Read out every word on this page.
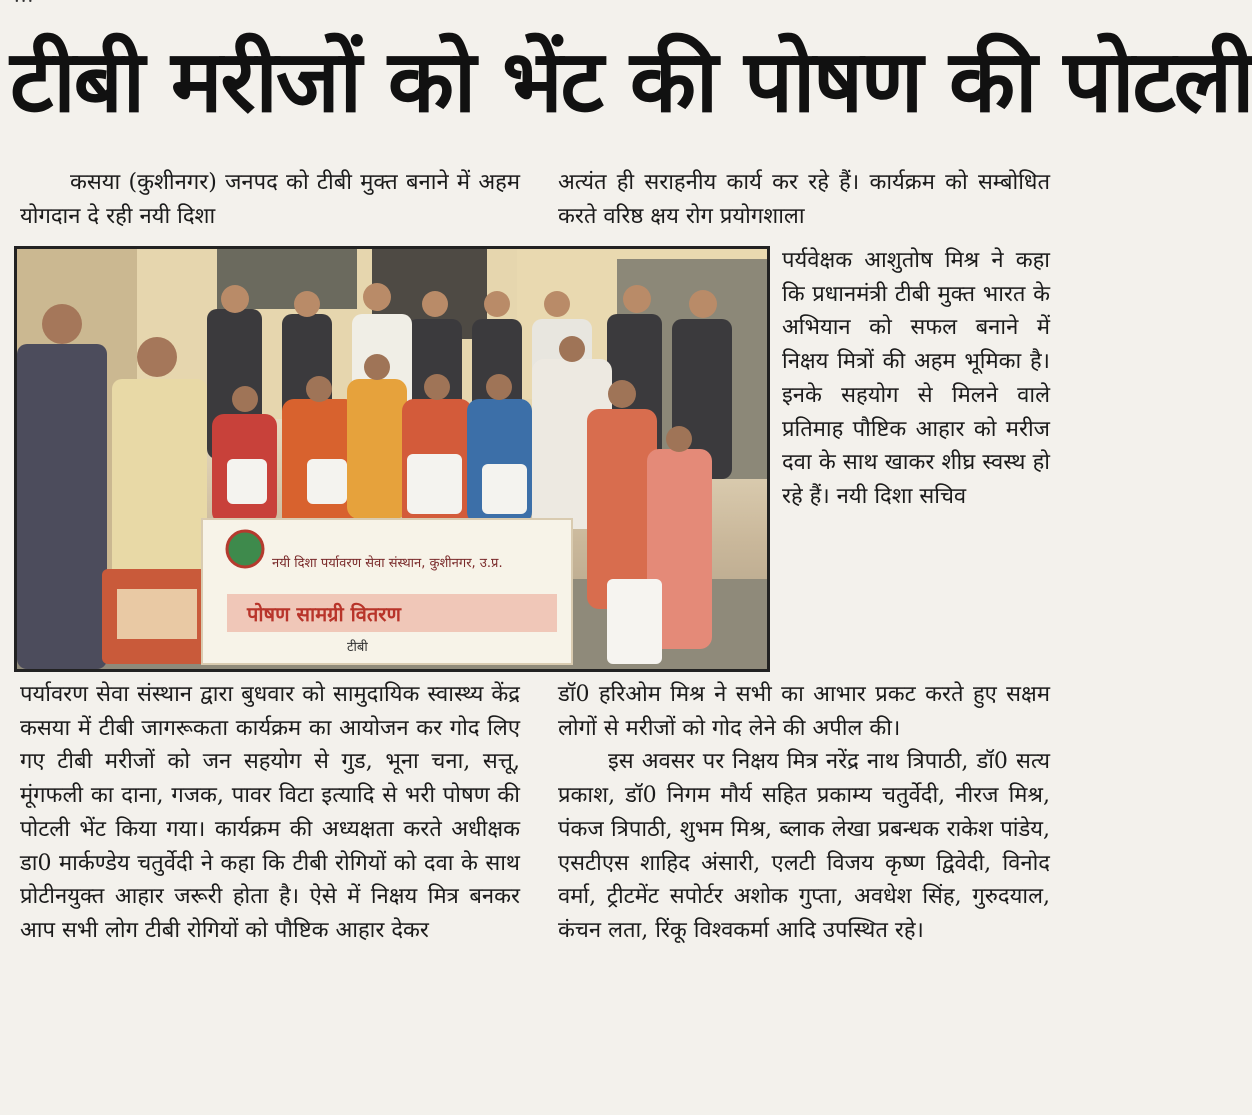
···
टीबी मरीजों को भेंट की पोषण की पोटली

कसया (कुशीनगर) जनपद को टीबी मुक्त बनाने में अहम योगदान दे रही नयी दिशा

अत्यंत ही सराहनीय कार्य कर रहे हैं। कार्यक्रम को सम्बोधित करते वरिष्ठ क्षय रोग प्रयोगशाला

नयी दिशा पर्यावरण सेवा संस्थान, कुशीनगर, उ.प्र.
पोषण सामग्री वितरण
टीबी

पर्यवेक्षक आशुतोष मिश्र ने कहा कि प्रधानमंत्री टीबी मुक्त भारत के अभियान को सफल बनाने में निक्षय मित्रों की अहम भूमिका है। इनके सहयोग से मिलने वाले प्रतिमाह पौष्टिक आहार को मरीज दवा के साथ खाकर शीघ्र स्वस्थ हो रहे हैं। नयी दिशा सचिव

पर्यावरण सेवा संस्थान द्वारा बुधवार को सामुदायिक स्वास्थ्य केंद्र कसया में टीबी जागरूकता कार्यक्रम का आयोजन कर गोद लिए गए टीबी मरीजों को जन सहयोग से गुड, भूना चना, सत्तू, मूंगफली का दाना, गजक, पावर विटा इत्यादि से भरी पोषण की पोटली भेंट किया गया। कार्यक्रम की अध्यक्षता करते अधीक्षक डा0 मार्कण्डेय चतुर्वेदी ने कहा कि टीबी रोगियों को दवा के साथ प्रोटीनयुक्त आहार जरूरी होता है। ऐसे में निक्षय मित्र बनकर आप सभी लोग टीबी रोगियों को पौष्टिक आहार देकर

डॉ0 हरिओम मिश्र ने सभी का आभार प्रकट करते हुए सक्षम लोगों से मरीजों को गोद लेने की अपील की।

इस अवसर पर निक्षय मित्र नरेंद्र नाथ त्रिपाठी, डॉ0 सत्य प्रकाश, डॉ0 निगम मौर्य सहित प्रकाम्य चतुर्वेदी, नीरज मिश्र, पंकज त्रिपाठी, शुभम मिश्र, ब्लाक लेखा प्रबन्धक राकेश पांडेय, एसटीएस शाहिद अंसारी, एलटी विजय कृष्ण द्विवेदी, विनोद वर्मा, ट्रीटमेंट सपोर्टर अशोक गुप्ता, अवधेश सिंह, गुरुदयाल, कंचन लता, रिंकू विश्वकर्मा आदि उपस्थित रहे।
